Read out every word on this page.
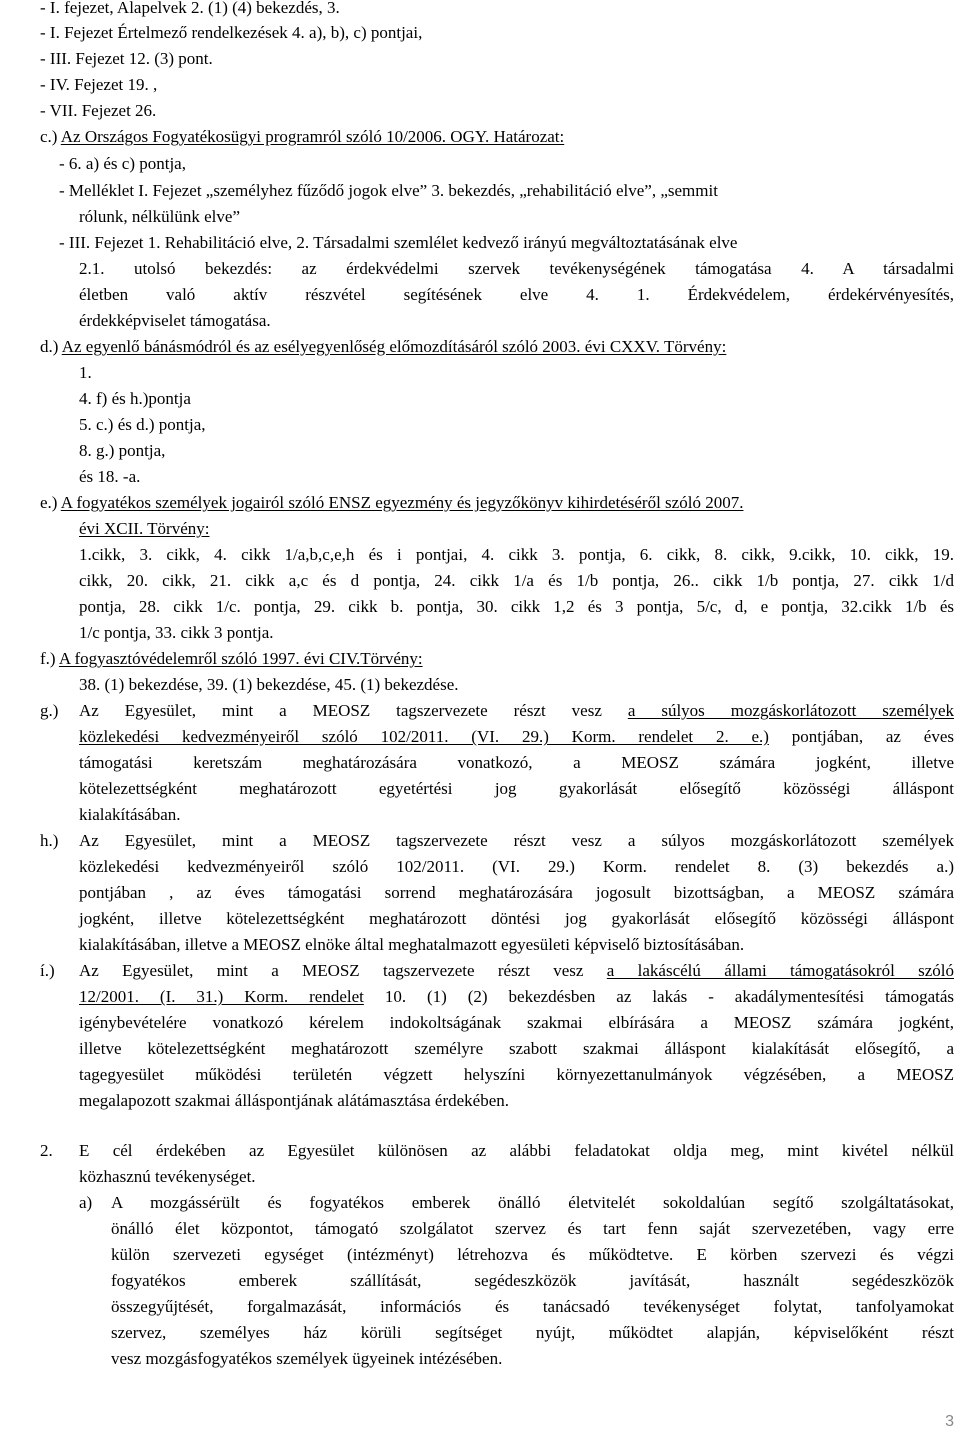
- I. fejezet, Alapelvek 2. (1) (4) bekezdés, 3.
- I. Fejezet Értelmező rendelkezések 4. a), b), c) pontjai,
- III. Fejezet 12. (3) pont.
- IV. Fejezet 19. ,
- VII. Fejezet 26.
c.) Az Országos Fogyatékosügyi programról szóló 10/2006. OGY. Határozat:
- 6. a) és c) pontja,
- Melléklet I. Fejezet „személyhez fűződő jogok elve” 3. bekezdés, „rehabilitáció elve”, „semmit
rólunk, nélkülünk elve”
- III. Fejezet 1. Rehabilitáció elve, 2. Társadalmi szemlélet kedvező irányú megváltoztatásának elve
2.1. utolsó bekezdés: az érdekvédelmi szervek tevékenységének támogatása 4. A társadalmi
életben való aktív részvétel segítésének elve 4. 1. Érdekvédelem, érdekérvényesítés,
érdekképviselet támogatása.
d.) Az egyenlő bánásmódról és az esélyegyenlőség előmozdításáról szóló 2003. évi CXXV. Törvény:
1.
4. f) és h.)pontja
5. c.) és d.) pontja,
8. g.) pontja,
és 18. -a.
e.) A fogyatékos személyek jogairól szóló ENSZ egyezmény és jegyzőkönyv kihirdetéséről szóló 2007.
évi XCII. Törvény:
1.cikk, 3. cikk, 4. cikk 1/a,b,c,e,h és i pontjai, 4. cikk 3. pontja, 6. cikk, 8. cikk, 9.cikk, 10. cikk, 19.
cikk, 20. cikk, 21. cikk a,c és d pontja, 24. cikk 1/a és 1/b pontja, 26.. cikk 1/b pontja, 27. cikk 1/d
pontja, 28. cikk 1/c. pontja, 29. cikk b. pontja, 30. cikk 1,2 és 3 pontja, 5/c, d, e pontja, 32.cikk 1/b és
1/c pontja, 33. cikk 3 pontja.
f.) A fogyasztóvédelemről szóló 1997. évi CIV.Törvény:
38. (1) bekezdése, 39. (1) bekezdése, 45. (1) bekezdése.
g.) Az Egyesület, mint a MEOSZ tagszervezete részt vesz a súlyos mozgáskorlátozott személyek
közlekedési kedvezményeiről szóló 102/2011. (VI. 29.) Korm. rendelet 2. e.) pontjában, az éves
támogatási keretszám meghatározására vonatkozó, a MEOSZ számára jogként, illetve
kötelezettségként meghatározott egyetértési jog gyakorlását elősegítő közösségi álláspont
kialakításában.
h.) Az Egyesület, mint a MEOSZ tagszervezete részt vesz a súlyos mozgáskorlátozott személyek
közlekedési kedvezményeiről szóló 102/2011. (VI. 29.) Korm. rendelet 8. (3) bekezdés a.)
pontjában , az éves támogatási sorrend meghatározására jogosult bizottságban, a MEOSZ számára
jogként, illetve kötelezettségként meghatározott döntési jog gyakorlását elősegítő közösségi álláspont
kialakításában, illetve a MEOSZ elnöke által meghatalmazott egyesületi képviselő biztosításában.
í.) Az Egyesület, mint a MEOSZ tagszervezete részt vesz a lakáscélú állami támogatásokról szóló
12/2001. (I. 31.) Korm. rendelet 10. (1) (2) bekezdésben az lakás - akadálymentesítési támogatás
igénybevételére vonatkozó kérelem indokoltságának szakmai elbírására a MEOSZ számára jogként,
illetve kötelezettségként meghatározott személyre szabott szakmai álláspont kialakítását elősegítő, a
tagegyesület működési területén végzett helyszíni környezettanulmányok végzésében, a MEOSZ
megalapozott szakmai álláspontjának alátámasztása érdekében.
2. E cél érdekében az Egyesület különösen az alábbi feladatokat oldja meg, mint kivétel nélkül
közhasznú tevékenységet.
a) A mozgássérült és fogyatékos emberek önálló életvitelét sokoldalúan segítő szolgáltatásokat,
önálló élet központot, támogató szolgálatot szervez és tart fenn saját szervezetében, vagy erre
külön szervezeti egységet (intézményt) létrehozva és működtetve. E körben szervezi és végzi
fogyatékos emberek szállítását, segédeszközök javítását, használt segédeszközök
összegyűjtését, forgalmazását, információs és tanácsadó tevékenységet folytat, tanfolyamokat
szervez, személyes ház körüli segítséget nyújt, működtet alapján, képviselőként részt
vesz mozgásfogyatékos személyek ügyeinek intézésében.
3
